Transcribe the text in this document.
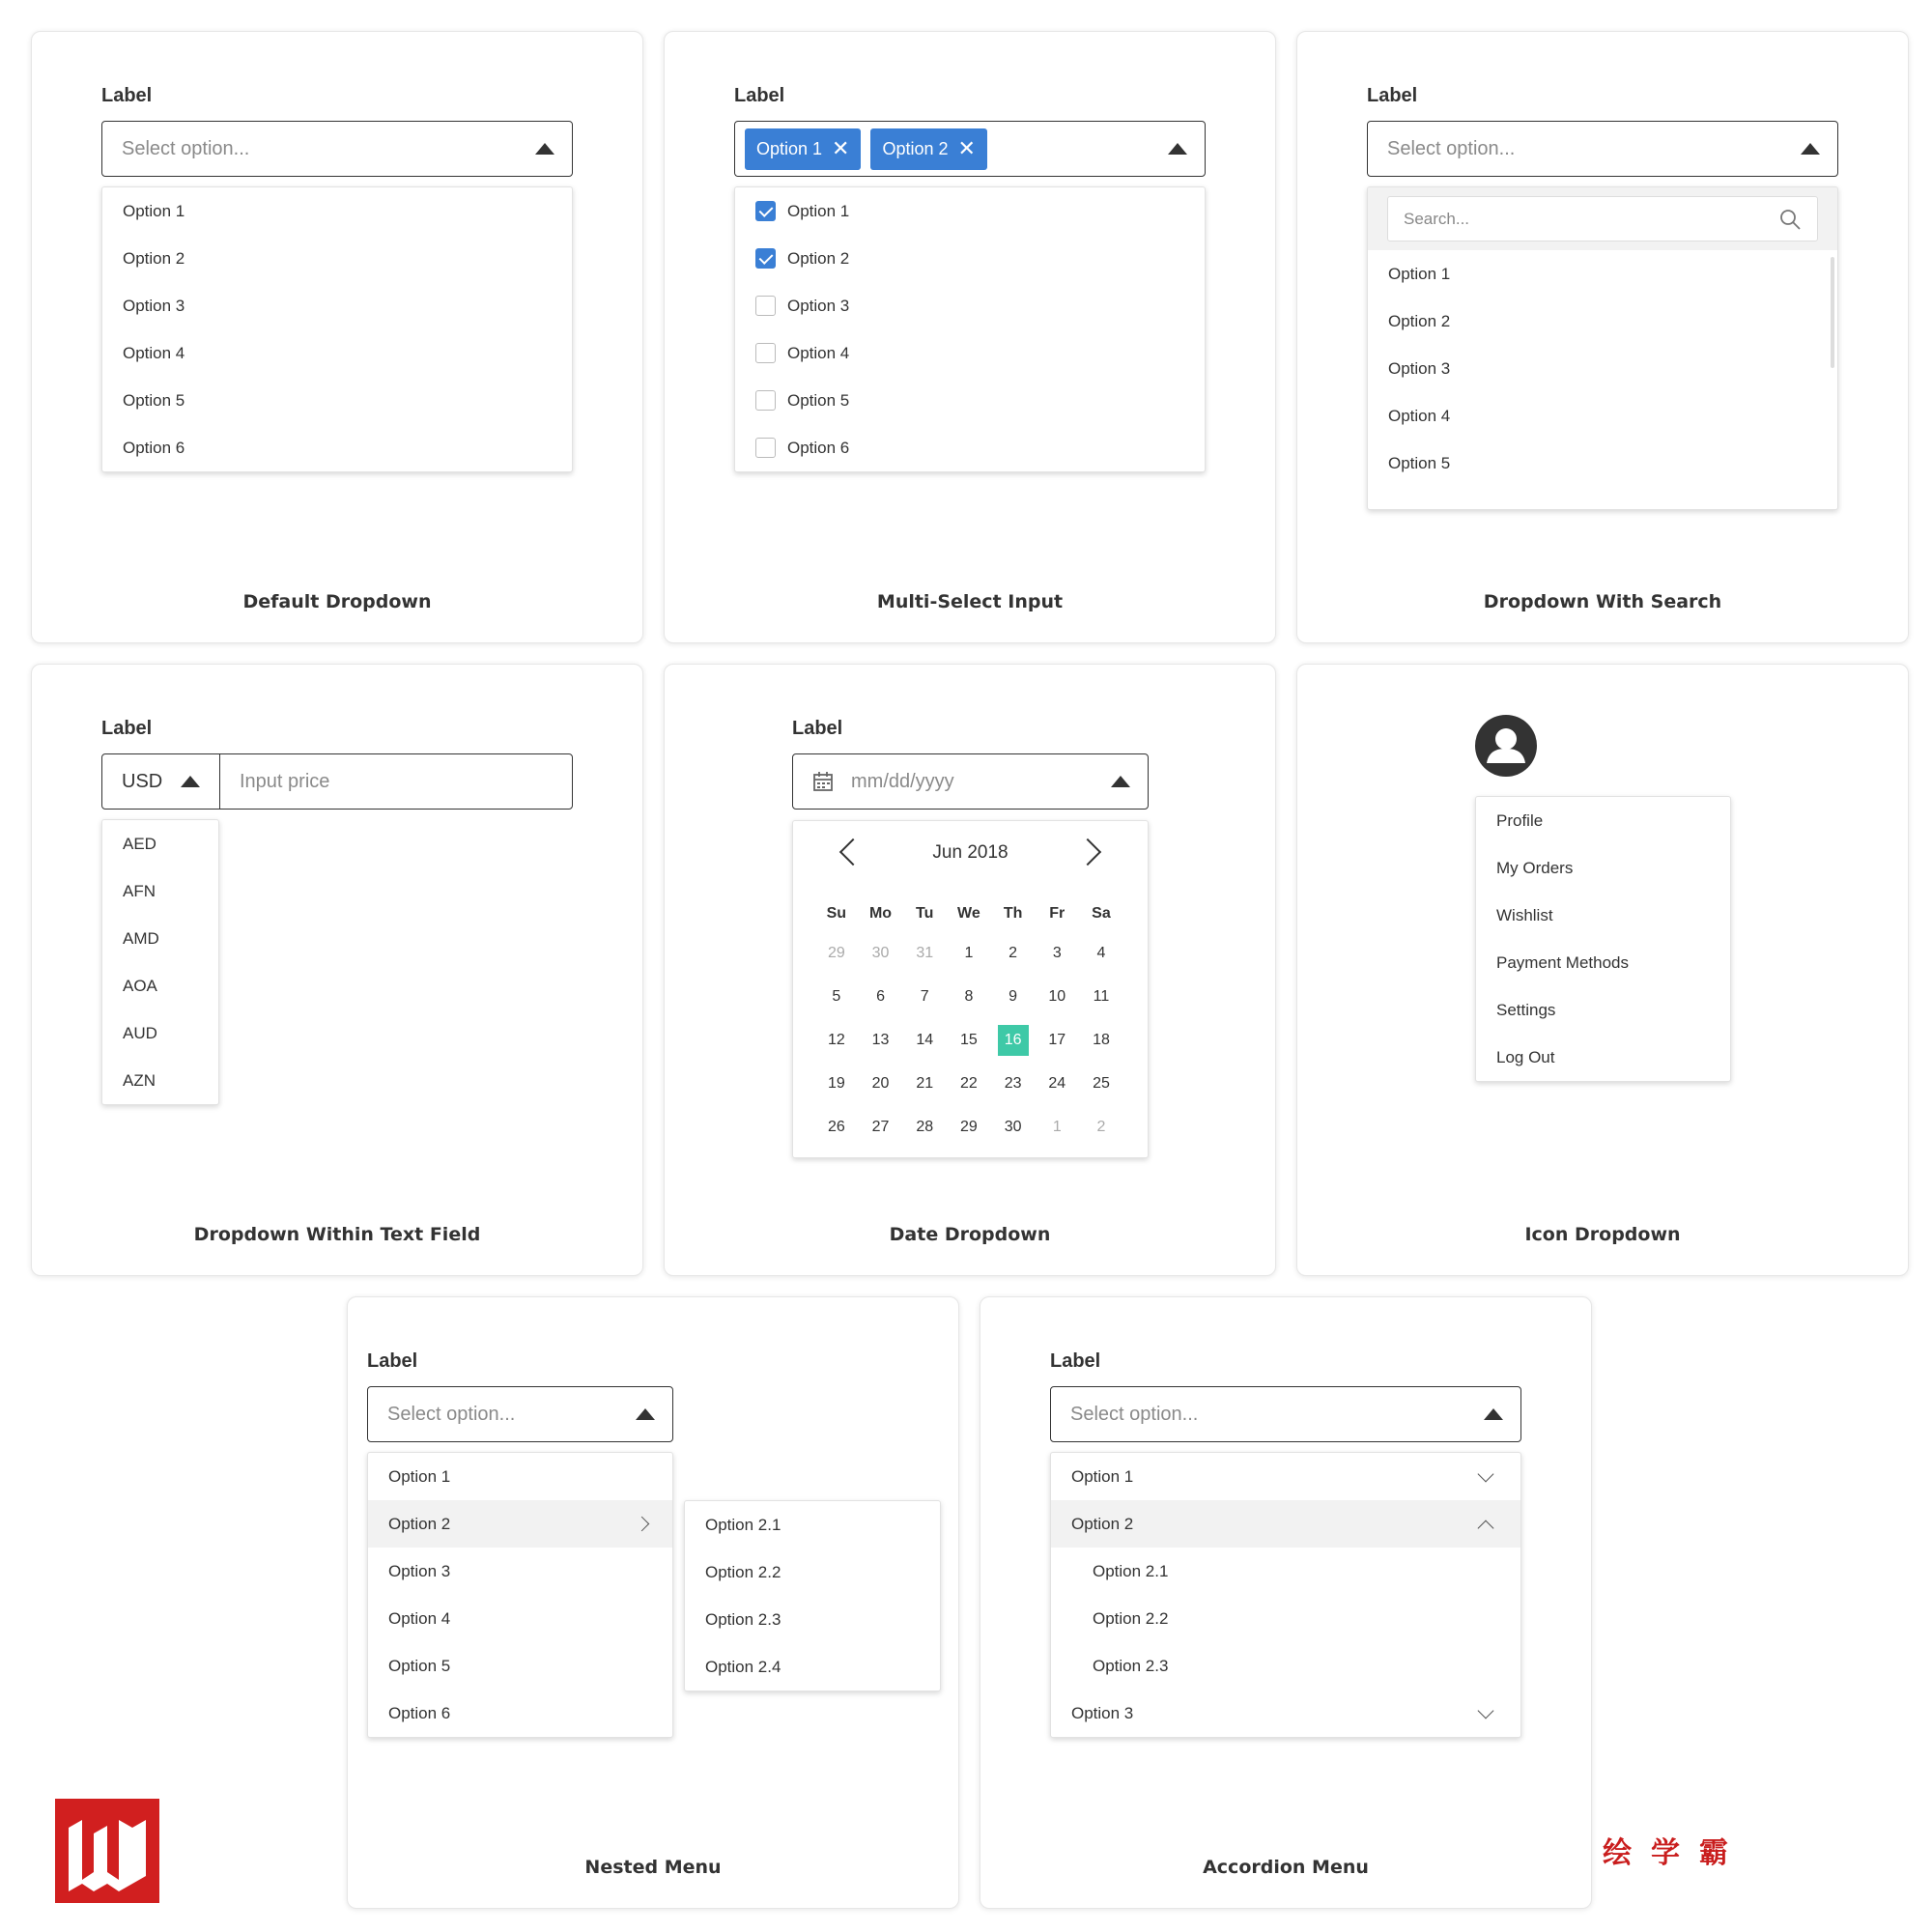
Label
Select option...
Option 1
Option 2
Option 3
Option 4
Option 5
Option 6
Default Dropdown
Label
Option 1 ✕ Option 2 ✕
Option 1
Option 2
Option 3
Option 4
Option 5
Option 6
Multi-Select Input
Label
Select option...
Search...
Option 1
Option 2
Option 3
Option 4
Option 5
Dropdown With Search
Label
USD	Input price
AED
AFN
AMD
AOA
AUD
AZN
Dropdown Within Text Field
Label
mm/dd/yyyy
Jun 2018
Su	Mo	Tu	We	Th	Fr	Sa
29	30	31	1	2	3	4
5	6	7	8	9	10	11
12	13	14	15	16	17	18
19	20	21	22	23	24	25
26	27	28	29	30	1	2
Date Dropdown
Profile
My Orders
Wishlist
Payment Methods
Settings
Log Out
Icon Dropdown
Label
Select option...
Option 1
Option 2
Option 3
Option 4
Option 5
Option 6
Option 2.1
Option 2.2
Option 2.3
Option 2.4
Nested Menu
Label
Select option...
Option 1
Option 2
Option 2.1
Option 2.2
Option 2.3
Option 3
Accordion Menu	绘学霸
